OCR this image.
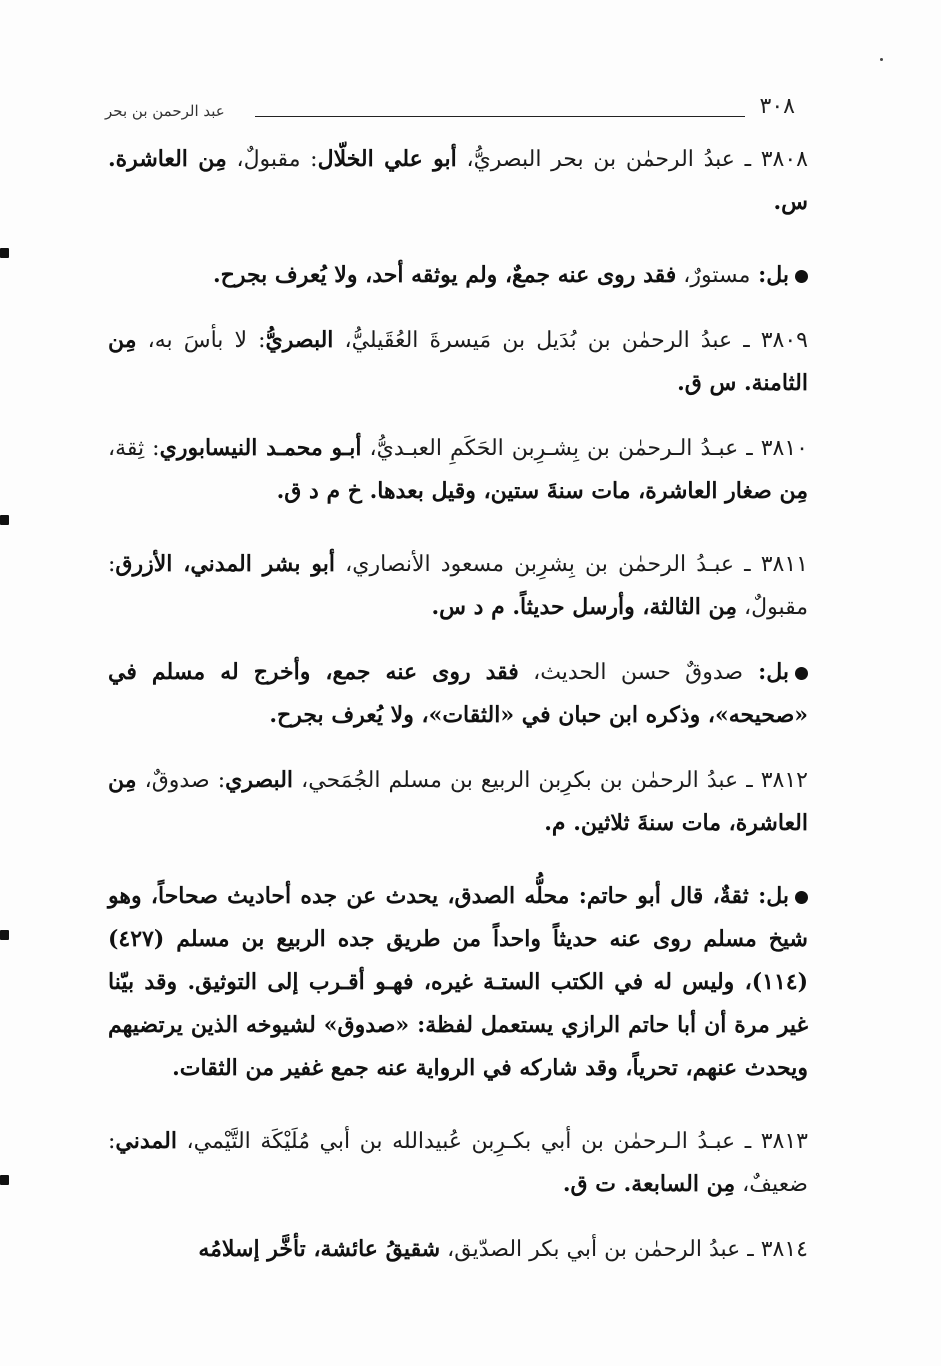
٣٠٨
عبد الرحمن بن بحر

٣٨٠٨ ـ عبدُ الرحمٰن بن بحر البصريُّ، أبو علي الخلّال: مقبولٌ، مِن العاشرة. س.

بل: مستورٌ، فقد روى عنه جمعٌ، ولم يوثقه أحد، ولا يُعرف بجرح.

٣٨٠٩ ـ عبدُ الرحمٰن بن بُدَيل بن مَيسرةَ العُقَيليُّ، البصريُّ: لا بأسَ به، مِن الثامنة. س ق.

٣٨١٠ ـ عبـدُ الـرحمٰن بن بِشـرِبن الحَكَمِ العبـديُّ، أبـو محمـد النيسابوري: ثِقة، مِن صغار العاشرة، مات سنةَ ستين، وقيل بعدها. خ م د ق.

٣٨١١ ـ عبـدُ الرحمٰن بن بِشرِبن مسعود الأنصاري، أبو بشر المدني، الأزرق: مقبولٌ، مِن الثالثة، وأرسل حديثاً. م د س.

بل: صدوقٌ حسن الحديث، فقد روى عنه جمع، وأخرج له مسلم في «صحيحه»، وذكره ابن حبان في «الثقات»، ولا يُعرف بجرح.

٣٨١٢ ـ عبدُ الرحمٰن بن بكرِبن الربيع بن مسلم الجُمَحي، البصري: صدوقٌ، مِن العاشرة، مات سنةَ ثلاثين. م.

بل: ثقةٌ، قال أبو حاتم: محلُّه الصدق، يحدث عن جده أحاديث صحاحاً، وهو شيخ مسلم روى عنه حديثاً واحداً من طريق جده الربيع بن مسلم (٤٢٧) (١١٤)، وليس له في الكتب الستـة غيره، فهـو أقـرب إلى التوثيق. وقد بيّنا غير مرة أن أبا حاتم الرازي يستعمل لفظة: «صدوق» لشيوخه الذين يرتضيهم ويحدث عنهم، تحرياً، وقد شاركه في الرواية عنه جمع غفير من الثقات.

٣٨١٣ ـ عبـدُ الـرحمٰن بن أبي بكـرِبن عُبيدالله بن أبي مُلَيْكَة التَّيْمي، المدني: ضعيفٌ، مِن السابعة. ت ق.

٣٨١٤ ـ عبدُ الرحمٰن بن أبي بكر الصدّيق، شقيقُ عائشة، تأخَّر إسلامُه
